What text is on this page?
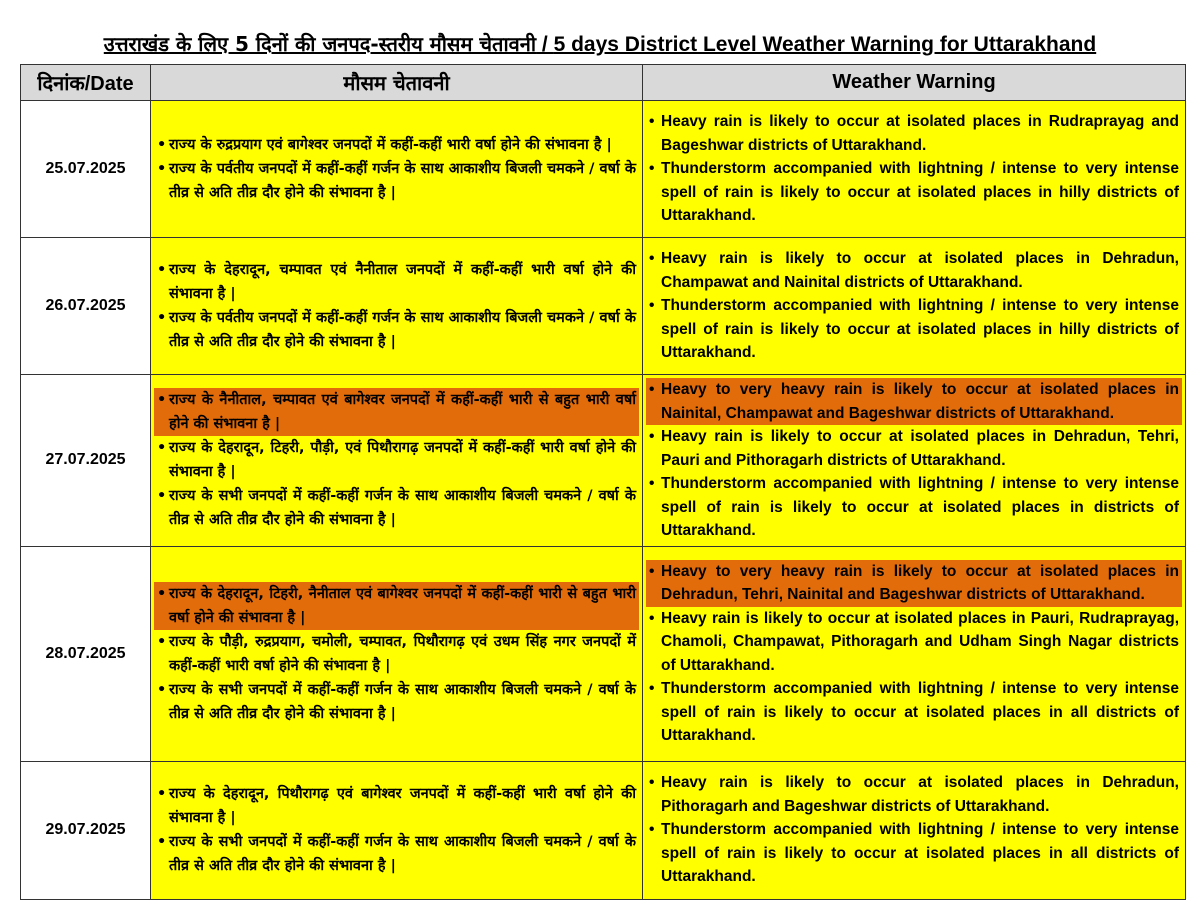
उत्तराखंड के लिए 5 दिनों की जनपद-स्तरीय मौसम चेतावनी / 5 days District Level Weather Warning for Uttarakhand
दिनांक/Date	मौसम चेतावनी	Weather Warning
25.07.2025	
• राज्य के रुद्रप्रयाग एवं बागेश्वर जनपदों में कहीं-कहीं भारी वर्षा होने की संभावना है |
• राज्य के पर्वतीय जनपदों में कहीं-कहीं गर्जन के साथ आकाशीय बिजली चमकने / वर्षा के तीव्र से अति तीव्र दौर होने की संभावना है |

• Heavy rain is likely to occur at isolated places in Rudraprayag and Bageshwar districts of Uttarakhand.
• Thunderstorm accompanied with lightning / intense to very intense spell of rain is likely to occur at isolated places in hilly districts of Uttarakhand.

26.07.2025	
• राज्य के देहरादून, चम्पावत एवं नैनीताल जनपदों में कहीं-कहीं भारी वर्षा होने की संभावना है |
• राज्य के पर्वतीय जनपदों में कहीं-कहीं गर्जन के साथ आकाशीय बिजली चमकने / वर्षा के तीव्र से अति तीव्र दौर होने की संभावना है |

• Heavy rain is likely to occur at isolated places in Dehradun, Champawat and Nainital districts of Uttarakhand.
• Thunderstorm accompanied with lightning / intense to very intense spell of rain is likely to occur at isolated places in hilly districts of Uttarakhand.

27.07.2025	
• राज्य के नैनीताल, चम्पावत एवं बागेश्वर जनपदों में कहीं-कहीं भारी से बहुत भारी वर्षा होने की संभावना है |
• राज्य के देहरादून, टिहरी, पौड़ी, एवं पिथौरागढ़ जनपदों में कहीं-कहीं भारी वर्षा होने की संभावना है |
• राज्य के सभी जनपदों में कहीं-कहीं गर्जन के साथ आकाशीय बिजली चमकने / वर्षा के तीव्र से अति तीव्र दौर होने की संभावना है |

• Heavy to very heavy rain is likely to occur at isolated places in Nainital, Champawat and Bageshwar districts of Uttarakhand.
• Heavy rain is likely to occur at isolated places in Dehradun, Tehri, Pauri and Pithoragarh districts of Uttarakhand.
• Thunderstorm accompanied with lightning / intense to very intense spell of rain is likely to occur at isolated places in districts of Uttarakhand.

28.07.2025	
• राज्य के देहरादून, टिहरी, नैनीताल एवं बागेश्वर जनपदों में कहीं-कहीं भारी से बहुत भारी वर्षा होने की संभावना है |
• राज्य के पौड़ी, रुद्रप्रयाग, चमोली, चम्पावत, पिथौरागढ़ एवं उधम सिंह नगर जनपदों में कहीं-कहीं भारी वर्षा होने की संभावना है |
• राज्य के सभी जनपदों में कहीं-कहीं गर्जन के साथ आकाशीय बिजली चमकने / वर्षा के तीव्र से अति तीव्र दौर होने की संभावना है |

• Heavy to very heavy rain is likely to occur at isolated places in Dehradun, Tehri, Nainital and Bageshwar districts of Uttarakhand.
• Heavy rain is likely to occur at isolated places in Pauri, Rudraprayag, Chamoli, Champawat, Pithoragarh and Udham Singh Nagar districts of Uttarakhand.
• Thunderstorm accompanied with lightning / intense to very intense spell of rain is likely to occur at isolated places in all districts of Uttarakhand.

29.07.2025	
• राज्य के देहरादून, पिथौरागढ़ एवं बागेश्वर जनपदों में कहीं-कहीं भारी वर्षा होने की संभावना है |
• राज्य के सभी जनपदों में कहीं-कहीं गर्जन के साथ आकाशीय बिजली चमकने / वर्षा के तीव्र से अति तीव्र दौर होने की संभावना है |

• Heavy rain is likely to occur at isolated places in Dehradun, Pithoragarh and Bageshwar districts of Uttarakhand.
• Thunderstorm accompanied with lightning / intense to very intense spell of rain is likely to occur at isolated places in all districts of Uttarakhand.
